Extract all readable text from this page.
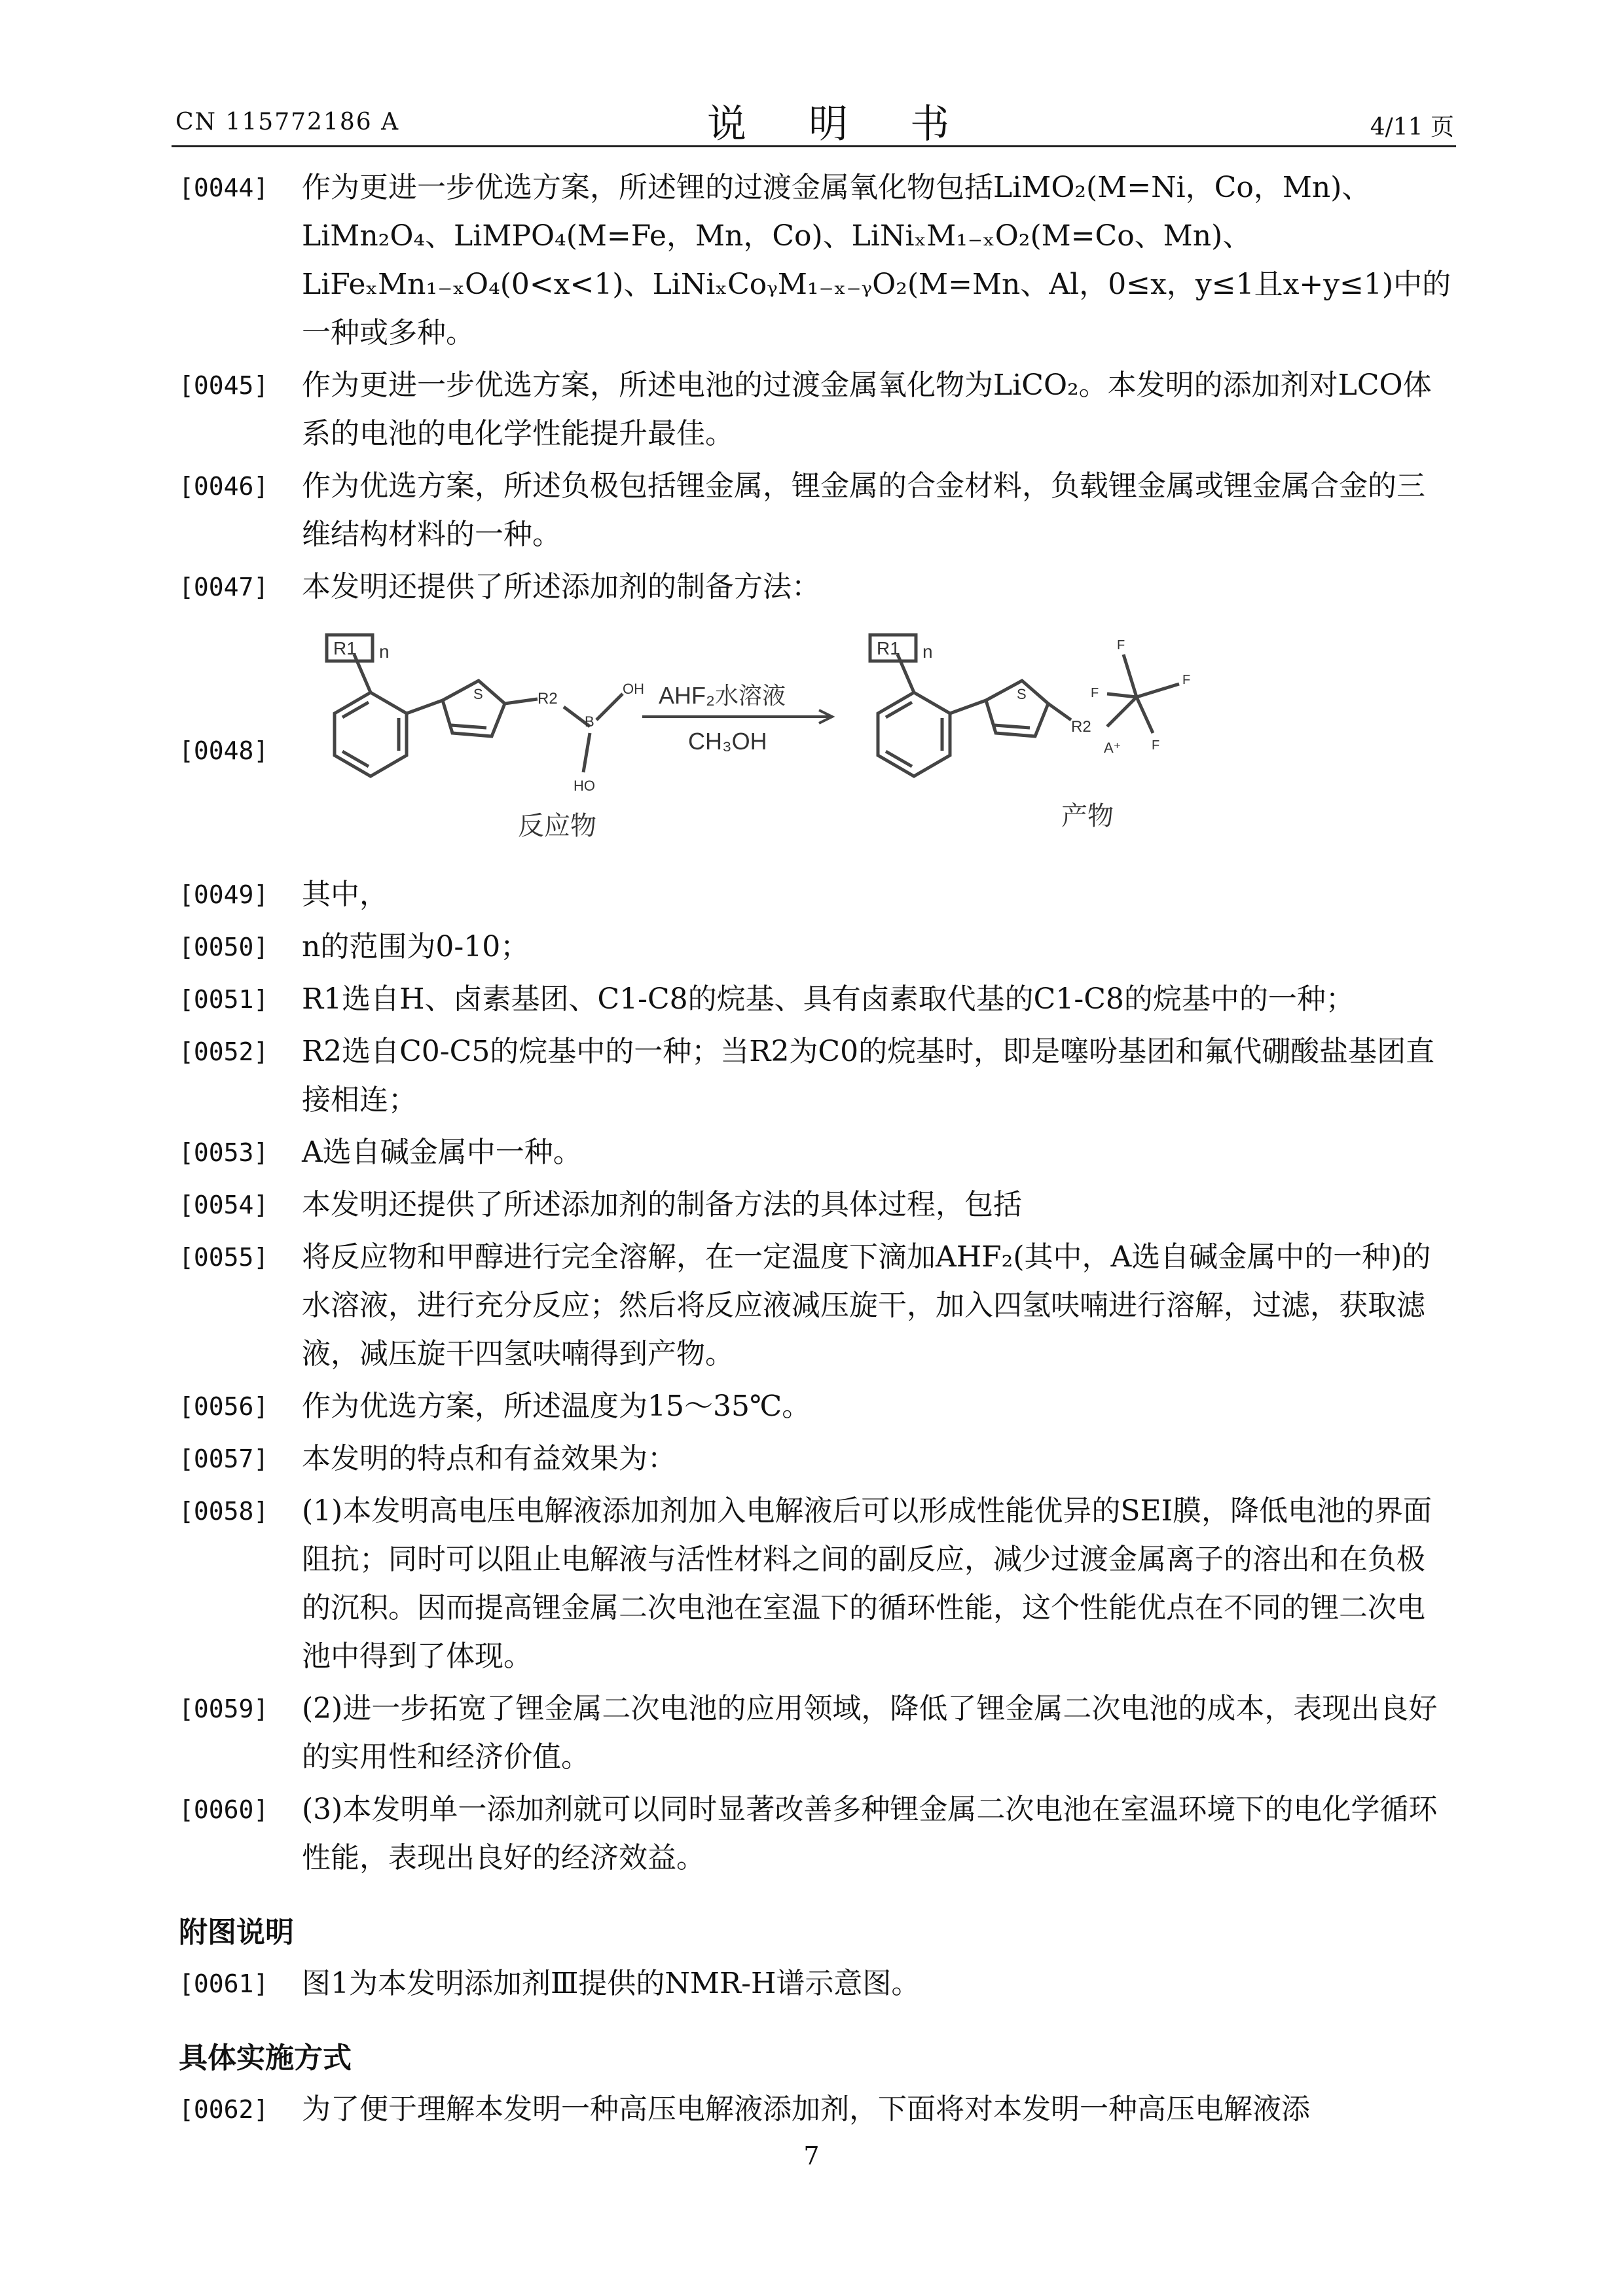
CN 115772186 A	说 明 书	4/11 页
[0044] 作为更进一步优选方案，所述锂的过渡金属氧化物包括LiMO₂(M=Ni，Co，Mn)、LiMn₂O₄、LiMPO₄(M=Fe，Mn，Co)、LiNiₓM₁₋ₓO₂(M=Co、Mn)、LiFeₓMn₁₋ₓO₄(0<x<1)、LiNiₓCoᵧM₁₋ₓ₋ᵧO₂(M=Mn、Al，0≤x，y≤1且x+y≤1)中的一种或多种。
[0045] 作为更进一步优选方案，所述电池的过渡金属氧化物为LiCO₂。本发明的添加剂对LCO体系的电池的电化学性能提升最佳。
[0046] 作为优选方案，所述负极包括锂金属，锂金属的合金材料，负载锂金属或锂金属合金的三维结构材料的一种。
[0047] 本发明还提供了所述添加剂的制备方法：
[0048]
R1 n
S	R2
B
OH
HO
R1 n
S
R2
A⁺
F
F
F
F
AHF₂水溶液
CH₃OH
反应物	产物
[0049] 其中，
[0050] n的范围为0-10；
[0051] R1选自H、卤素基团、C1-C8的烷基、具有卤素取代基的C1-C8的烷基中的一种；
[0052] R2选自C0-C5的烷基中的一种；当R2为C0的烷基时，即是噻吩基团和氟代硼酸盐基团直接相连；
[0053] A选自碱金属中一种。
[0054] 本发明还提供了所述添加剂的制备方法的具体过程，包括
[0055] 将反应物和甲醇进行完全溶解，在一定温度下滴加AHF₂(其中，A选自碱金属中的一种)的水溶液，进行充分反应；然后将反应液减压旋干，加入四氢呋喃进行溶解，过滤，获取滤液，减压旋干四氢呋喃得到产物。
[0056] 作为优选方案，所述温度为15～35℃。
[0057] 本发明的特点和有益效果为：
[0058] (1)本发明高电压电解液添加剂加入电解液后可以形成性能优异的SEI膜，降低电池的界面阻抗；同时可以阻止电解液与活性材料之间的副反应，减少过渡金属离子的溶出和在负极的沉积。因而提高锂金属二次电池在室温下的循环性能，这个性能优点在不同的锂二次电池中得到了体现。
[0059] (2)进一步拓宽了锂金属二次电池的应用领域，降低了锂金属二次电池的成本，表现出良好的实用性和经济价值。
[0060] (3)本发明单一添加剂就可以同时显著改善多种锂金属二次电池在室温环境下的电化学循环性能，表现出良好的经济效益。
附图说明
[0061] 图1为本发明添加剂Ⅲ提供的NMR-H谱示意图。
具体实施方式
[0062] 为了便于理解本发明一种高压电解液添加剂，下面将对本发明一种高压电解液添
7
